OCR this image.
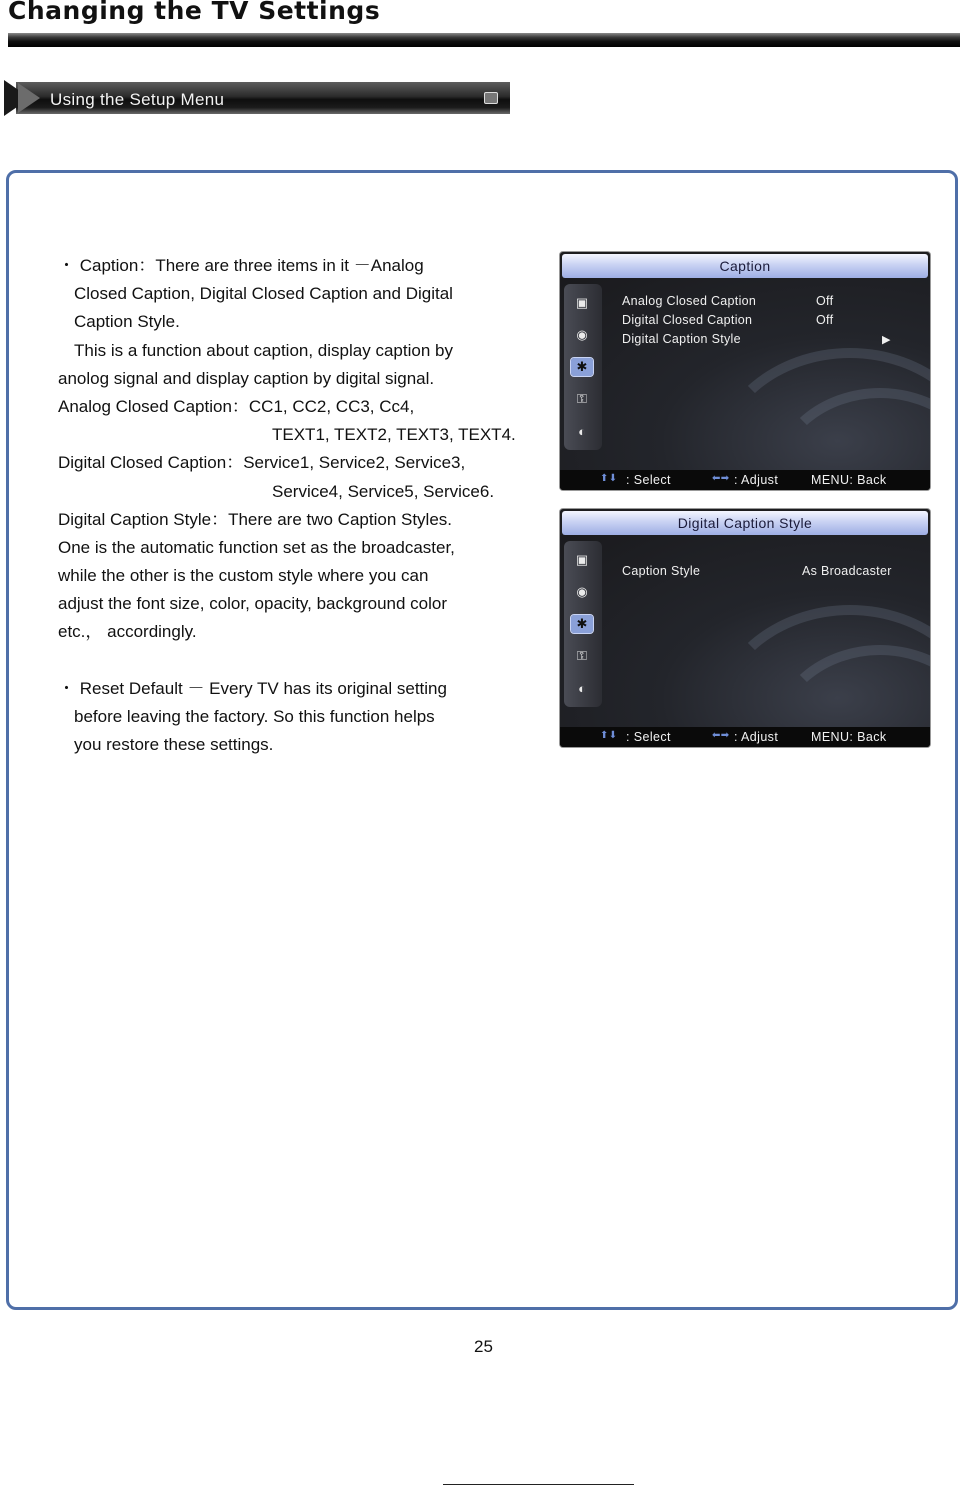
Changing the TV Settings
Using the Setup Menu
・ Caption：There are three items in it －Analog
Closed Caption, Digital Closed Caption and Digital
Caption Style.
This is a function about caption, display caption by
anolog signal and display caption by digital signal.
Analog Closed Caption：CC1, CC2, CC3, Cc4,
TEXT1, TEXT2, TEXT3, TEXT4.
Digital Closed Caption：Service1, Service2, Service3,
Service4, Service5, Service6.
Digital Caption Style：There are two Caption Styles.
One is the automatic function set as the broadcaster,
while the other is the custom style where you can
adjust the font size, color, opacity, background color
etc.， accordingly.
・ Reset Default － Every TV has its original setting
before leaving the factory. So this function helps
you restore these settings.
Caption
▣
◉
✱
⚿
◐
Analog Closed Caption	Off
Digital Closed Caption	Off
Digital Caption Style	▶
⬆⬇ : Select	⬅➡ : Adjust	MENU: Back
Digital Caption Style
▣
◉
✱
⚿
◐
Caption Style	As Broadcaster
⬆⬇ : Select	⬅➡ : Adjust	MENU: Back
25
